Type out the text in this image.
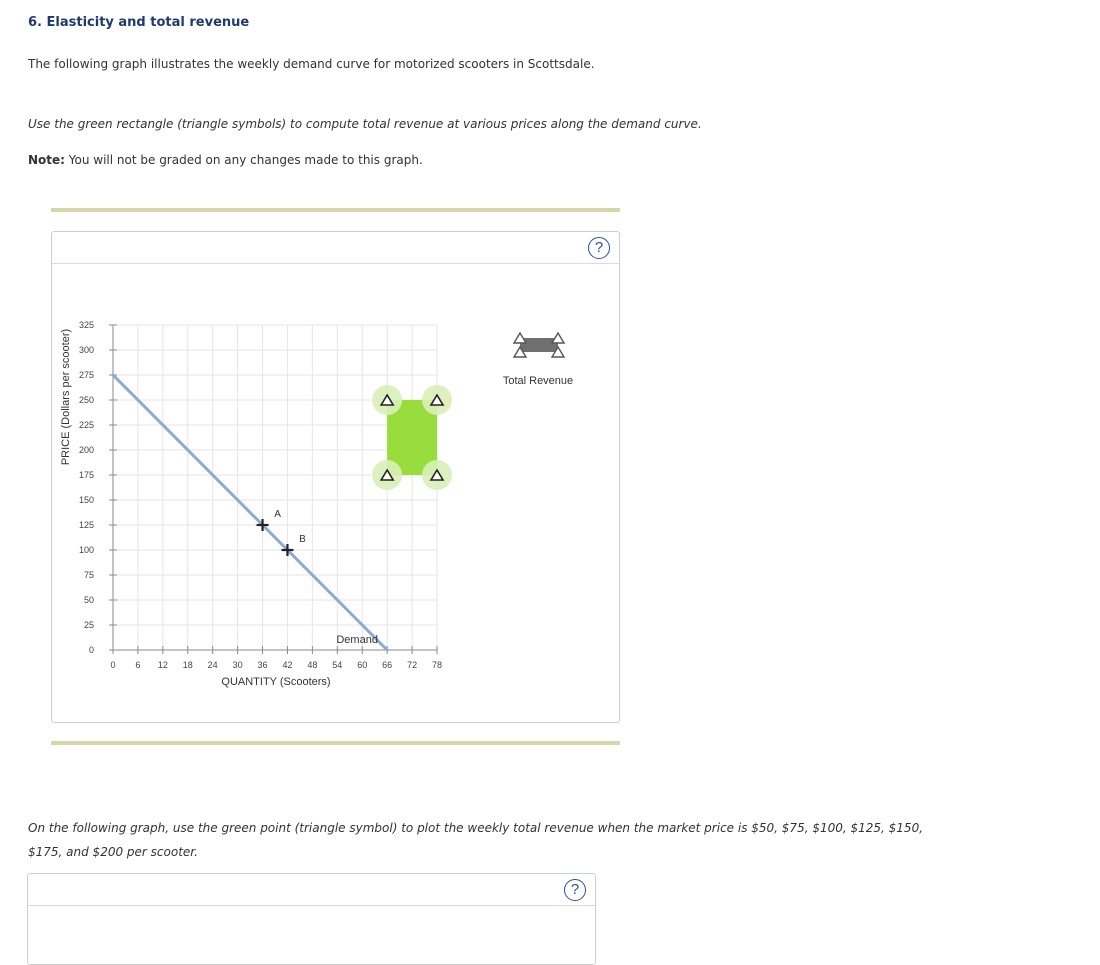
6. Elasticity and total revenue
The following graph illustrates the weekly demand curve for motorized scooters in Scottsdale.
Use the green rectangle (triangle symbols) to compute total revenue at various prices along the demand curve.
Note: You will not be graded on any changes made to this graph.
?
0 6 12 18 24 30 36 42 48 54 60 66 72 78
0
25
50
75
100
125
150
175
200
225
250
275
300
325
PRICE (Dollars per scooter)
QUANTITY (Scooters)
Demand
A
B
Total Revenue
On the following graph, use the green point (triangle symbol) to plot the weekly total revenue when the market price is $50, $75, $100, $125, $150, $175, and $200 per scooter.
?
